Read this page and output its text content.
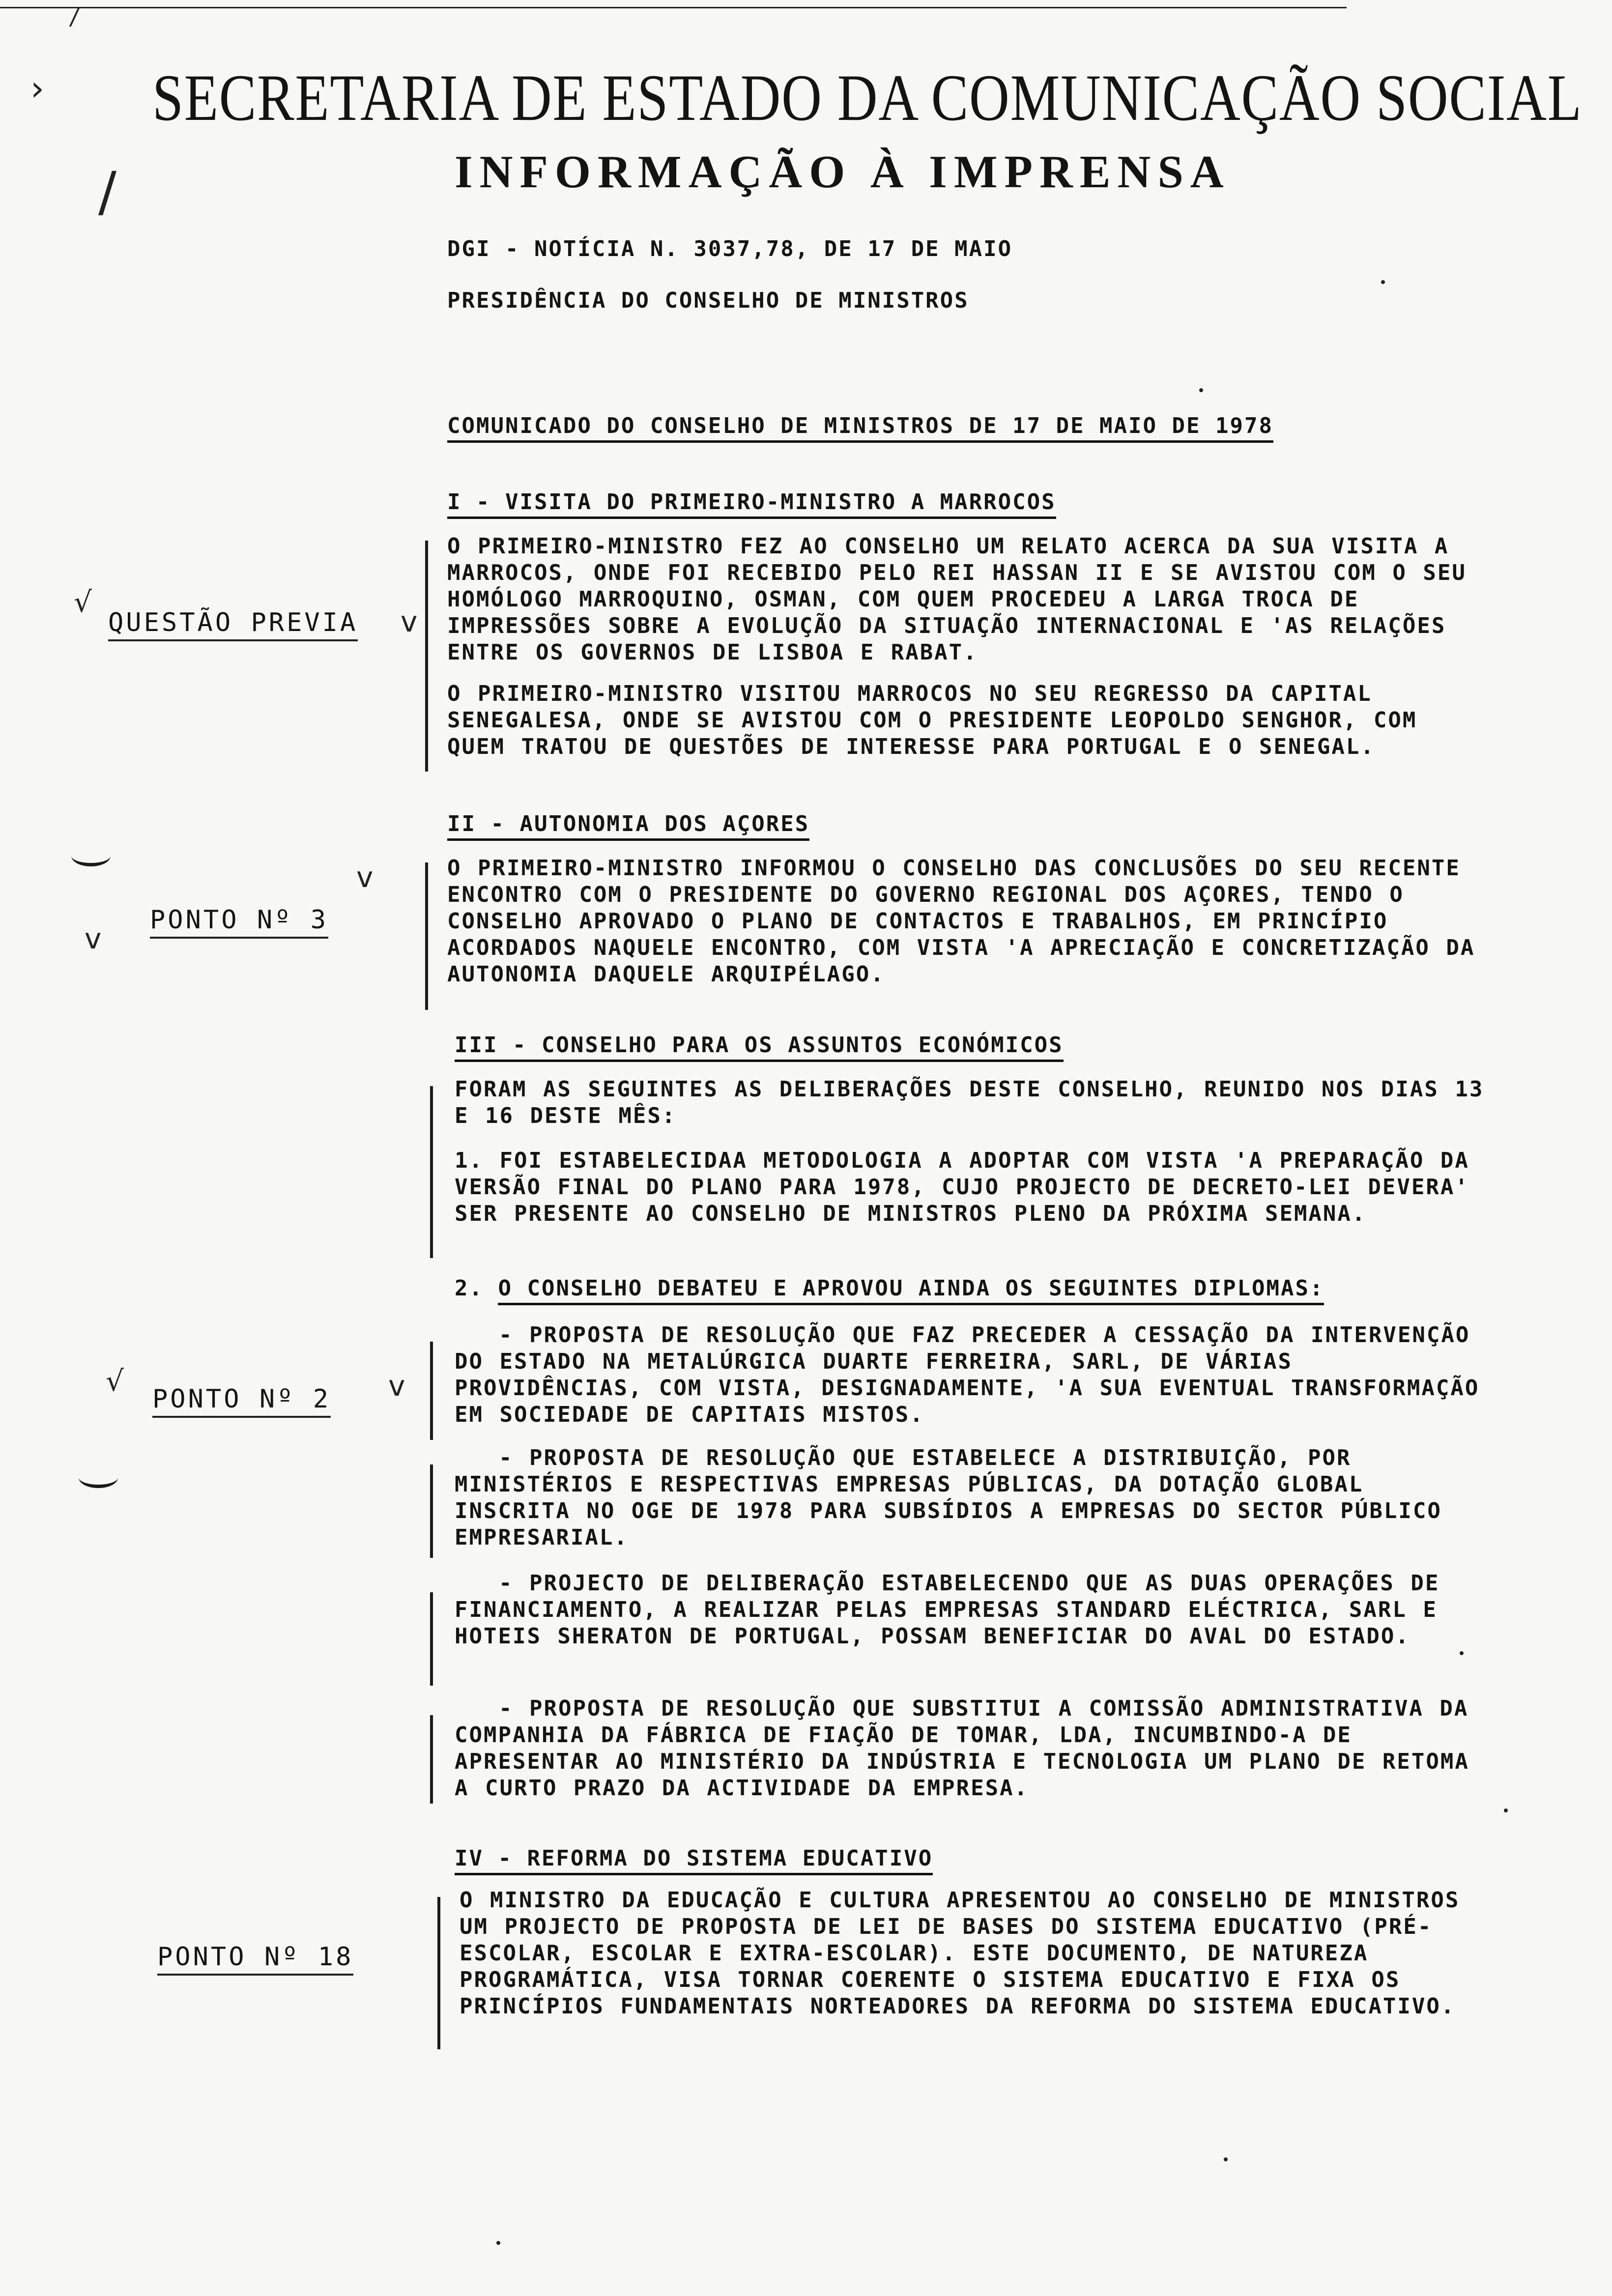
›
/
SECRETARIA DE ESTADO DA COMUNICAÇÃO SOCIAL
INFORMAÇÃO À IMPRENSA
DGI - NOTÍCIA N. 3037,78, DE 17 DE MAIO
PRESIDÊNCIA DO CONSELHO DE MINISTROS
COMUNICADO DO CONSELHO DE MINISTROS DE 17 DE MAIO DE 1978
I - VISITA DO PRIMEIRO-MINISTRO A MARROCOS
O PRIMEIRO-MINISTRO FEZ AO CONSELHO UM RELATO ACERCA DA SUA VISITA A MARROCOS, ONDE FOI RECEBIDO PELO REI HASSAN II E SE AVISTOU COM O SEU HOMÓLOGO MARROQUINO, OSMAN, COM QUEM PROCEDEU A LARGA TROCA DE IMPRESSÕES SOBRE A EVOLUÇÃO DA SITUAÇÃO INTERNACIONAL E 'AS RELAÇÕES ENTRE OS GOVERNOS DE LISBOA E RABAT.
O PRIMEIRO-MINISTRO VISITOU MARROCOS NO SEU REGRESSO DA CAPITAL SENEGALESA, ONDE SE AVISTOU COM O PRESIDENTE LEOPOLDO SENGHOR, COM QUEM TRATOU DE QUESTÕES DE INTERESSE PARA PORTUGAL E O SENEGAL.
√
QUESTÃO PREVIA v
II - AUTONOMIA DOS AÇORES
O PRIMEIRO-MINISTRO INFORMOU O CONSELHO DAS CONCLUSÕES DO SEU RECENTE ENCONTRO COM O PRESIDENTE DO GOVERNO REGIONAL DOS AÇORES, TENDO O CONSELHO APROVADO O PLANO DE CONTACTOS E TRABALHOS, EM PRINCÍPIO ACORDADOS NAQUELE ENCONTRO, COM VISTA 'A APRECIAÇÃO E CONCRETIZAÇÃO DA AUTONOMIA DAQUELE ARQUIPÉLAGO.
v
v
PONTO Nº 3
III - CONSELHO PARA OS ASSUNTOS ECONÓMICOS
FORAM AS SEGUINTES AS DELIBERAÇÕES DESTE CONSELHO, REUNIDO NOS DIAS 13 E 16 DESTE MÊS:
1. FOI ESTABELECIDAA METODOLOGIA A ADOPTAR COM VISTA 'A PREPARAÇÃO DA VERSÃO FINAL DO PLANO PARA 1978, CUJO PROJECTO DE DECRETO-LEI DEVERA' SER PRESENTE AO CONSELHO DE MINISTROS PLENO DA PRÓXIMA SEMANA.
2. O CONSELHO DEBATEU E APROVOU AINDA OS SEGUINTES DIPLOMAS:
- PROPOSTA DE RESOLUÇÃO QUE FAZ PRECEDER A CESSAÇÃO DA INTERVENÇÃO DO ESTADO NA METALÚRGICA DUARTE FERREIRA, SARL, DE VÁRIAS PROVIDÊNCIAS, COM VISTA, DESIGNADAMENTE, 'A SUA EVENTUAL TRANSFORMAÇÃO EM SOCIEDADE DE CAPITAIS MISTOS.
√
PONTO Nº 2 v
- PROPOSTA DE RESOLUÇÃO QUE ESTABELECE A DISTRIBUIÇÃO, POR MINISTÉRIOS E RESPECTIVAS EMPRESAS PÚBLICAS, DA DOTAÇÃO GLOBAL INSCRITA NO OGE DE 1978 PARA SUBSÍDIOS A EMPRESAS DO SECTOR PÚBLICO EMPRESARIAL.
- PROJECTO DE DELIBERAÇÃO ESTABELECENDO QUE AS DUAS OPERAÇÕES DE FINANCIAMENTO, A REALIZAR PELAS EMPRESAS STANDARD ELÉCTRICA, SARL E HOTEIS SHERATON DE PORTUGAL, POSSAM BENEFICIAR DO AVAL DO ESTADO.
- PROPOSTA DE RESOLUÇÃO QUE SUBSTITUI A COMISSÃO ADMINISTRATIVA DA COMPANHIA DA FÁBRICA DE FIAÇÃO DE TOMAR, LDA, INCUMBINDO-A DE APRESENTAR AO MINISTÉRIO DA INDÚSTRIA E TECNOLOGIA UM PLANO DE RETOMA A CURTO PRAZO DA ACTIVIDADE DA EMPRESA.
IV - REFORMA DO SISTEMA EDUCATIVO
O MINISTRO DA EDUCAÇÃO E CULTURA APRESENTOU AO CONSELHO DE MINISTROS UM PROJECTO DE PROPOSTA DE LEI DE BASES DO SISTEMA EDUCATIVO (PRÉ-ESCOLAR, ESCOLAR E EXTRA-ESCOLAR). ESTE DOCUMENTO, DE NATUREZA PROGRAMÁTICA, VISA TORNAR COERENTE O SISTEMA EDUCATIVO E FIXA OS PRINCÍPIOS FUNDAMENTAIS NORTEADORES DA REFORMA DO SISTEMA EDUCATIVO.
PONTO Nº 18
